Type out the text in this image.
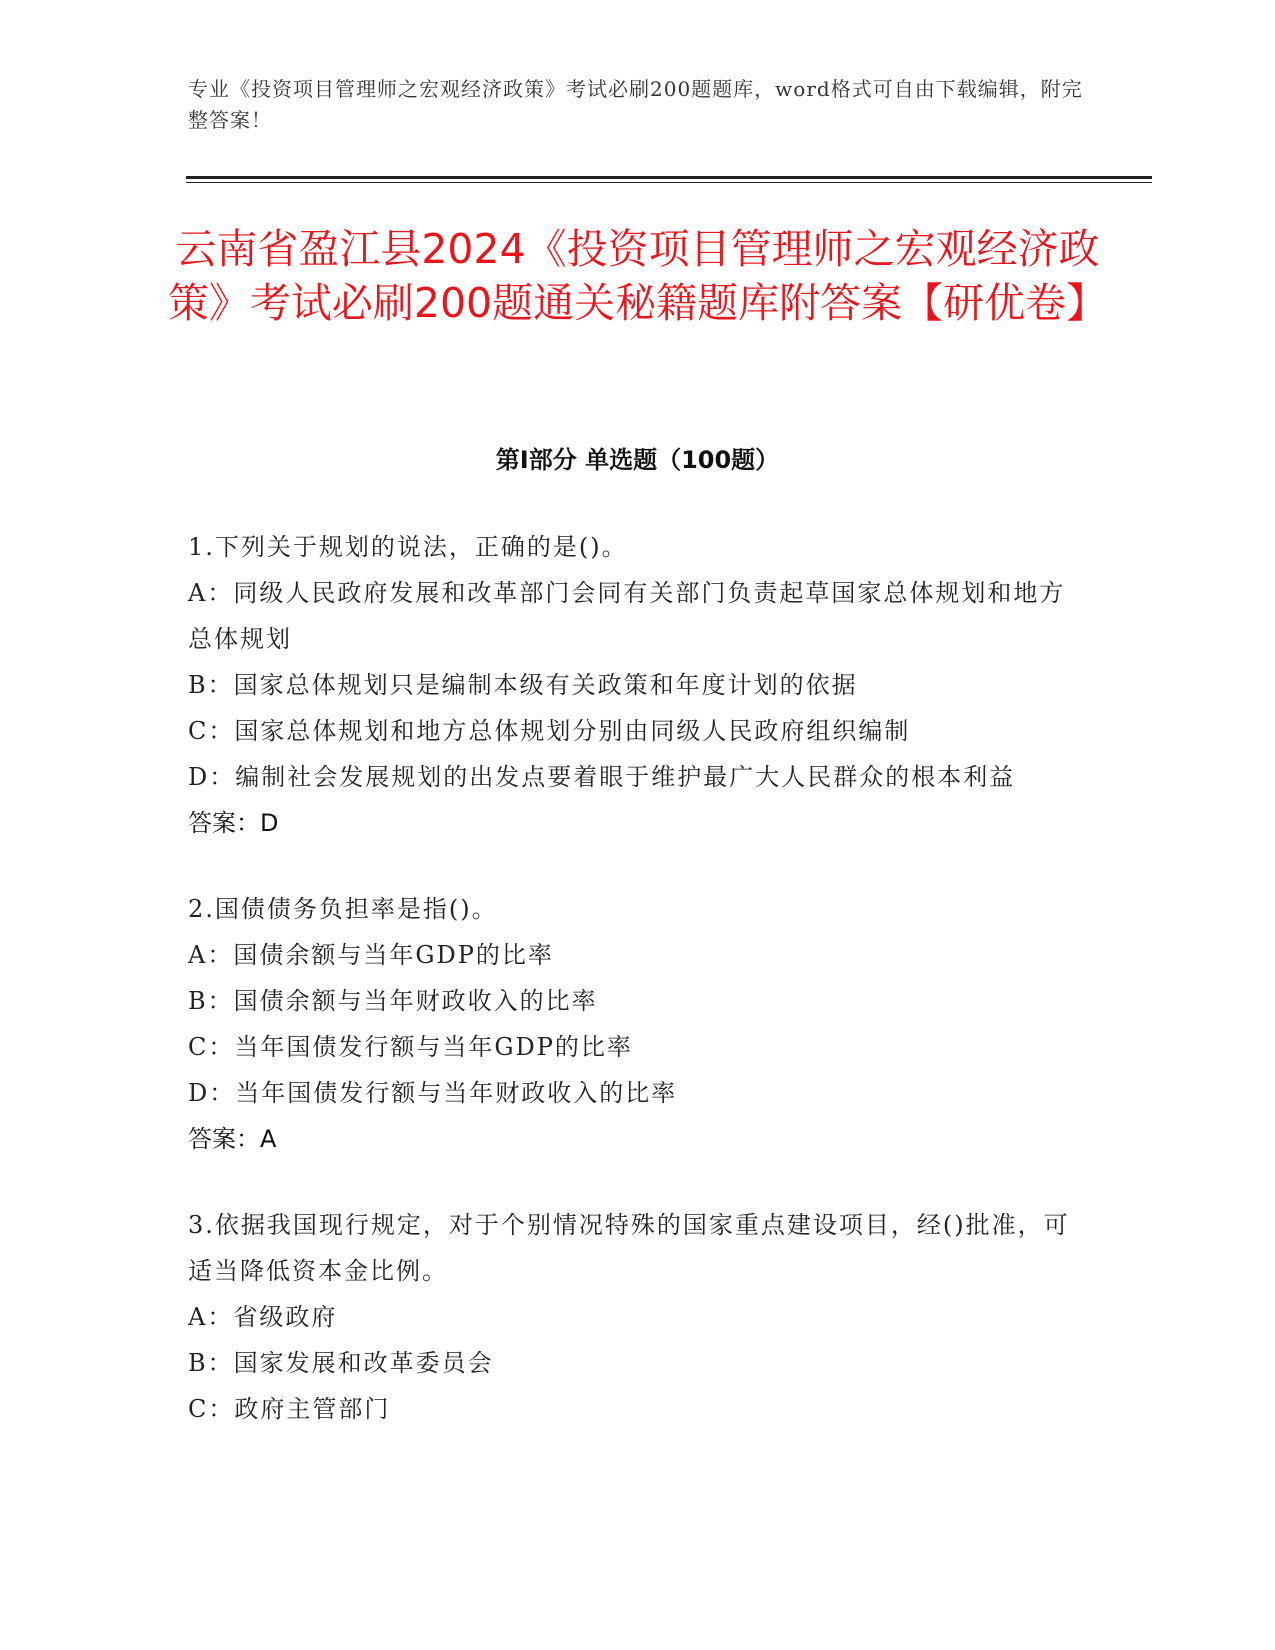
专业《投资项目管理师之宏观经济政策》考试必刷200题题库，word格式可自由下载编辑，附完整答案！
云南省盈江县2024《投资项目管理师之宏观经济政策》考试必刷200题通关秘籍题库附答案【研优卷】
第I部分 单选题（100题）

1.下列关于规划的说法，正确的是()。

A：同级人民政府发展和改革部门会同有关部门负责起草国家总体规划和地方总体规划

B：国家总体规划只是编制本级有关政策和年度计划的依据

C：国家总体规划和地方总体规划分别由同级人民政府组织编制

D：编制社会发展规划的出发点要着眼于维护最广大人民群众的根本利益

答案：D

2.国债债务负担率是指()。

A：国债余额与当年GDP的比率

B：国债余额与当年财政收入的比率

C：当年国债发行额与当年GDP的比率

D：当年国债发行额与当年财政收入的比率

答案：A

3.依据我国现行规定，对于个别情况特殊的国家重点建设项目，经()批准，可适当降低资本金比例。

A：省级政府

B：国家发展和改革委员会

C：政府主管部门
